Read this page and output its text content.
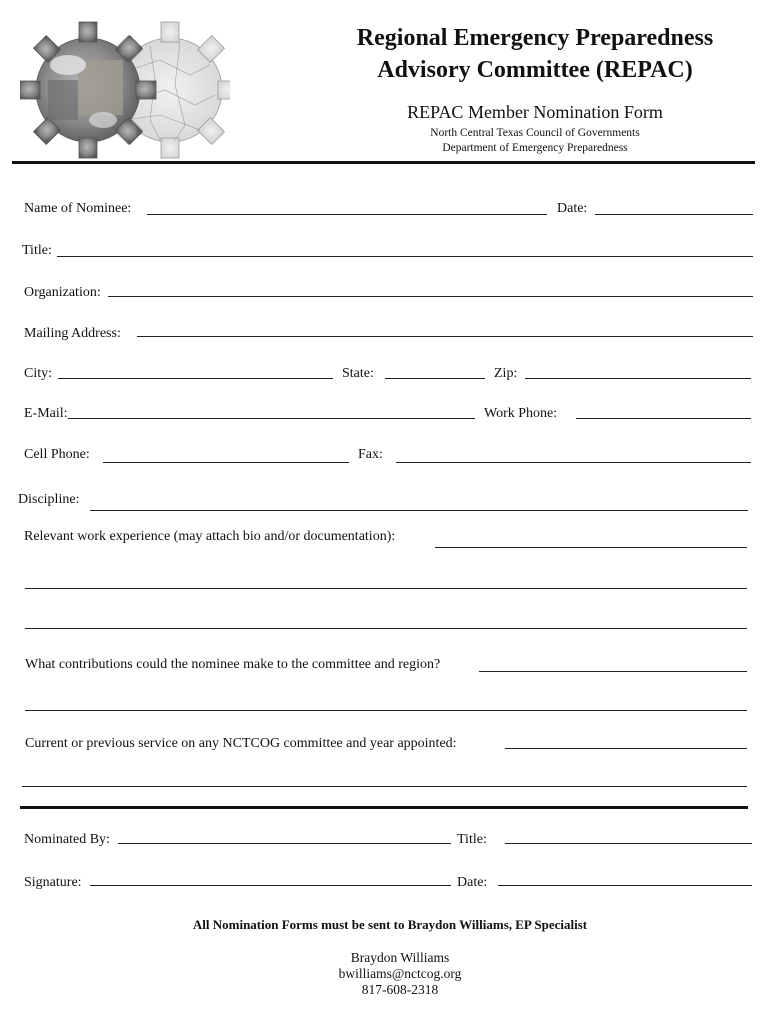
Regional Emergency Preparedness
Advisory Committee (REPAC)
REPAC Member Nomination Form
North Central Texas Council of Governments
Department of Emergency Preparedness
Name of Nominee:	Date:
Title:
Organization:
Mailing Address:
City:	State:	Zip:
E-Mail:	Work Phone:
Cell Phone:	Fax:
Discipline:
Relevant work experience (may attach bio and/or documentation):
What contributions could the nominee make to the committee and region?
Current or previous service on any NCTCOG committee and year appointed:
Nominated By:	Title:
Signature:	Date:
All Nomination Forms must be sent to Braydon Williams, EP Specialist
Braydon Williams
bwilliams@nctcog.org
817-608-2318
